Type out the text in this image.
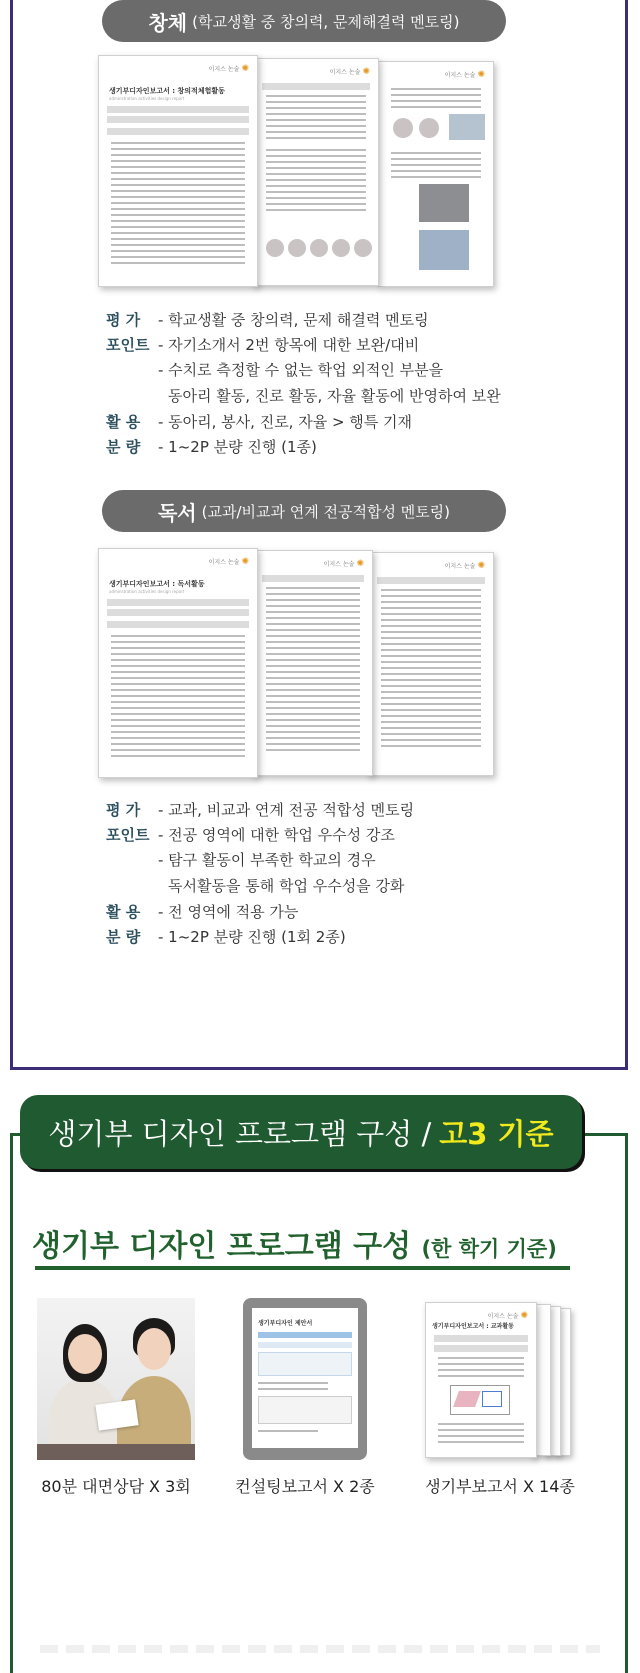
창체 (학교생활 중 창의력, 문제해결력 멘토링)
이지스 논술 ✺
이지스 논술 ✺
이지스 논술 ✺
생기부디자인보고서 : 창의적체험활동
adminstration activities design report
평 가	- 학교생활 중 창의력, 문제 해결력 멘토링
포인트 - 자기소개서 2번 항목에 대한 보완/대비
- 수치로 측정할 수 없는 학업 외적인 부분을
동아리 활동, 진로 활동, 자율 활동에 반영하여 보완
활 용	- 동아리, 봉사, 진로, 자율 > 행특 기재
분 량	- 1~2P 분량 진행 (1종)
독서 (교과/비교과 연계 전공적합성 멘토링)
이지스 논술 ✺
이지스 논술 ✺
이지스 논술 ✺
생기부디자인보고서 : 독서활동
adminstration activities design report
평 가	- 교과, 비교과 연계 전공 적합성 멘토링
포인트 - 전공 영역에 대한 학업 우수성 강조
- 탐구 활동이 부족한 학교의 경우
독서활동을 통해 학업 우수성을 강화
활 용	- 전 영역에 적용 가능
분 량	- 1~2P 분량 진행 (1회 2종)
생기부 디자인 프로그램 구성 / 고3 기준
생기부 디자인 프로그램 구성 (한 학기 기준)
80분 대면상담 X 3회
생기부디자인 제안서
컨설팅보고서 X 2종
이지스 논술 ✺
생기부디자인보고서 : 교과활동
생기부보고서 X 14종
